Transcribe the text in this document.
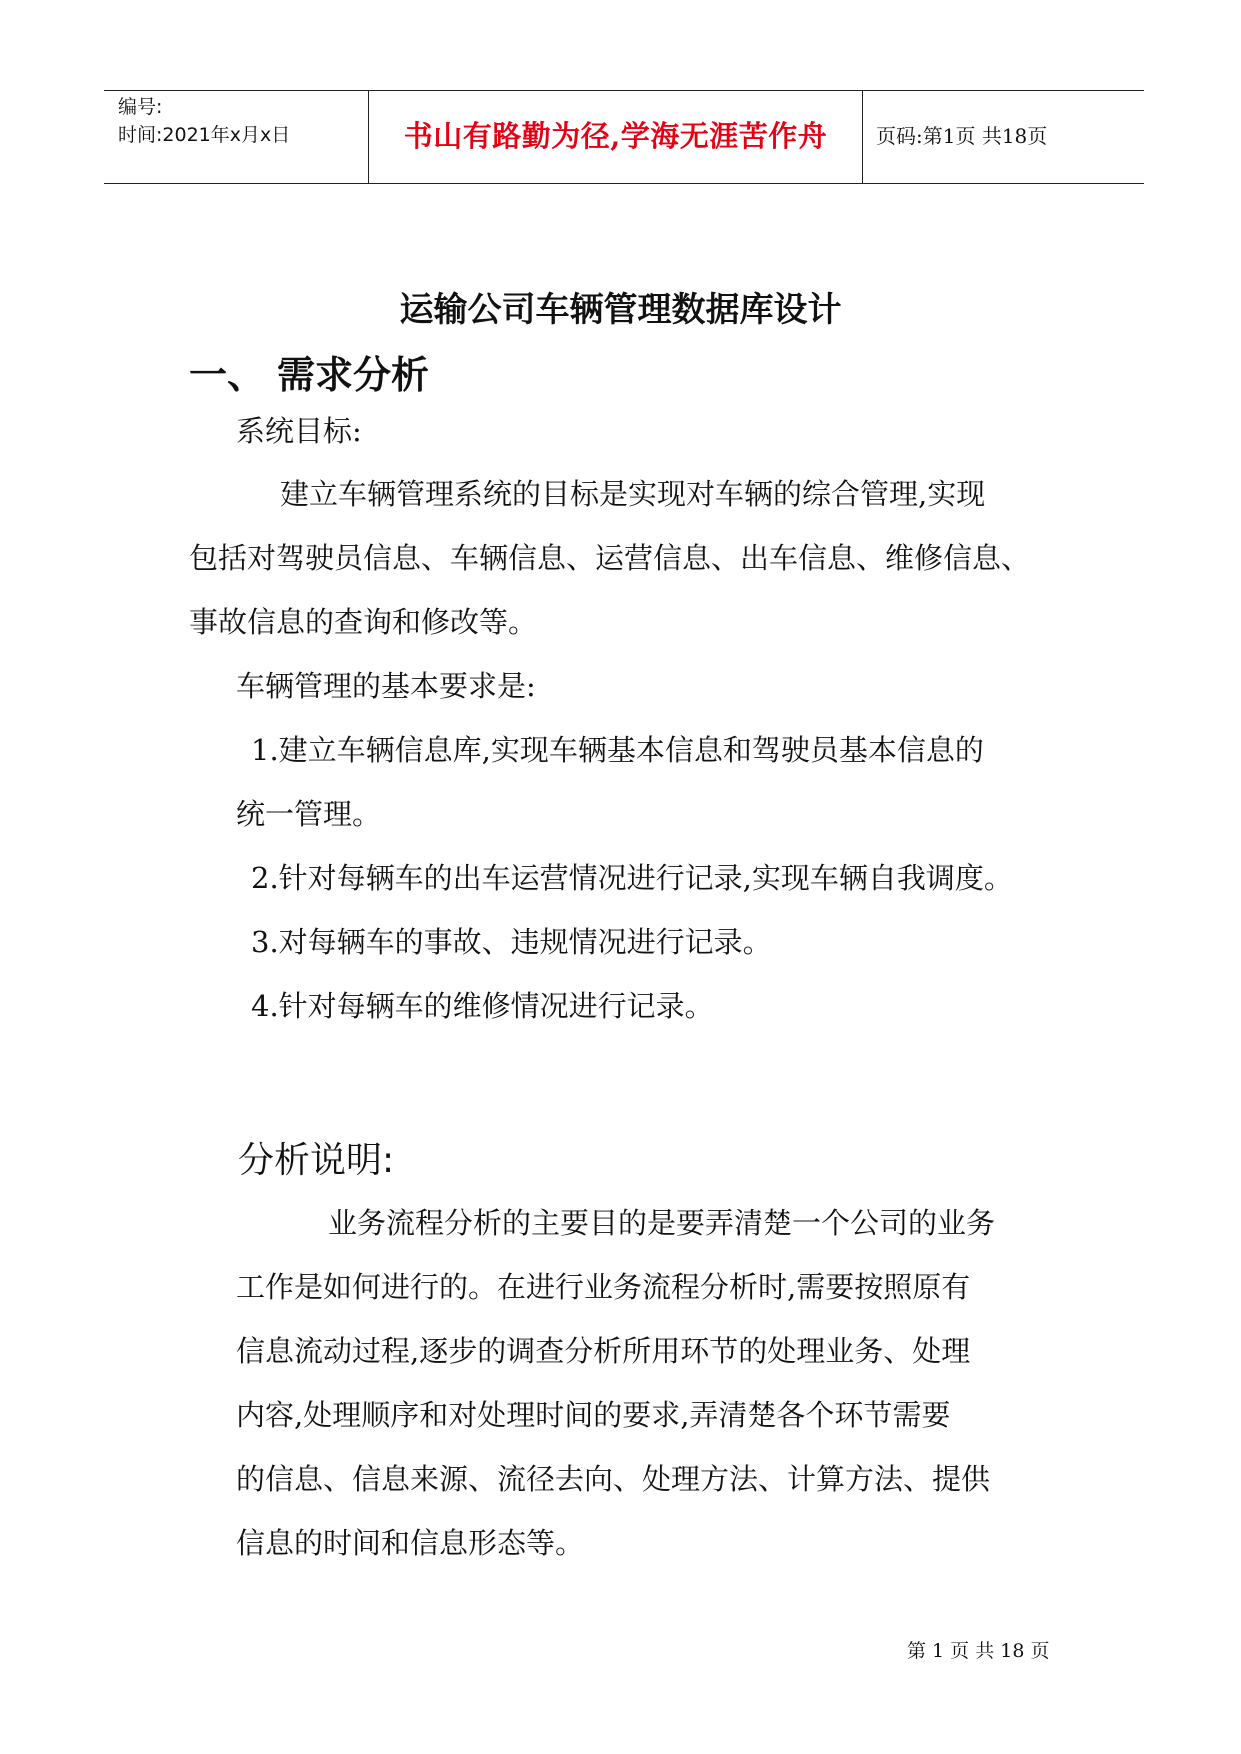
编号:
时间:2021年x月x日	书山有路勤为径,学海无涯苦作舟	页码:第1页 共18页
运输公司车辆管理数据库设计
一、 需求分析
系统目标:
建立车辆管理系统的目标是实现对车辆的综合管理,实现
包括对驾驶员信息、车辆信息、运营信息、出车信息、维修信息、
事故信息的查询和修改等。
车辆管理的基本要求是:
1.建立车辆信息库,实现车辆基本信息和驾驶员基本信息的
统一管理。
2.针对每辆车的出车运营情况进行记录,实现车辆自我调度。
3.对每辆车的事故、违规情况进行记录。
4.针对每辆车的维修情况进行记录。
分析说明:
业务流程分析的主要目的是要弄清楚一个公司的业务
工作是如何进行的。在进行业务流程分析时,需要按照原有
信息流动过程,逐步的调查分析所用环节的处理业务、处理
内容,处理顺序和对处理时间的要求,弄清楚各个环节需要
的信息、信息来源、流径去向、处理方法、计算方法、提供
信息的时间和信息形态等。
第 1 页 共 18 页
